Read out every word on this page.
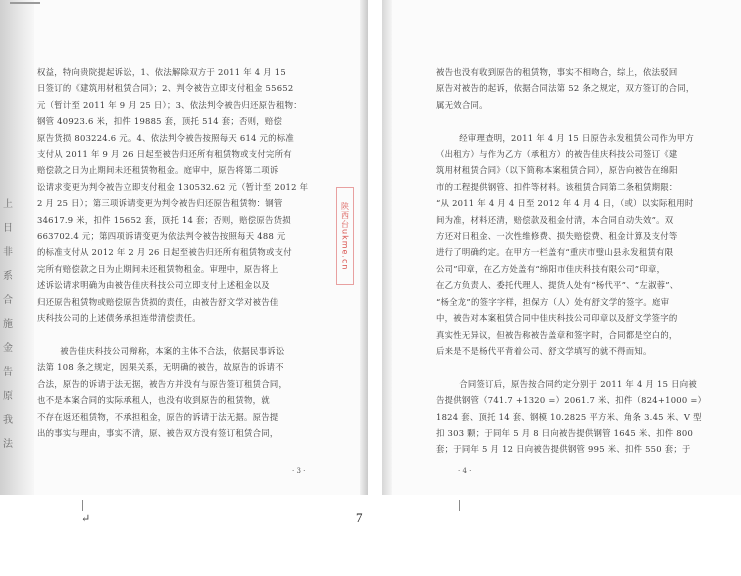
上
日
非
系
合
施
金
告
原
我
法
权益，特向贵院提起诉讼，1、依法解除双方于 2011 年 4 月 15
日签订的《建筑用材租赁合同》；2、判令被告立即支付租金 55652
元（暂计至 2011 年 9 月 25 日）；3、依法判令被告归还原告租物：
钢管 40923.6 米，扣件 19885 套，顶托 514 套；否则，赔偿
原告货损 803224.6 元。4、依法判令被告按照每天 614 元的标准
支付从 2011 年 9 月 26 日起至被告归还所有租赁物或支付完所有
赔偿款之日为止期间未还租赁物租金。庭审中，原告将第二项诉
讼请求变更为判令被告立即支付租金 130532.62 元（暂计至 2012 年
2 月 25 日）；第三项诉请变更为判令被告归还原告租赁物：钢管
34617.9 米，扣件 15652 套，顶托 14 套；否则，赔偿原告货损
663702.4 元；第四项诉请变更为依法判令被告按照每天 488 元
的标准支付从 2012 年 2 月 26 日起至被告归还所有租赁物或支付
完所有赔偿款之日为止期间未还租赁物租金。审理中，原告将上
述诉讼请求明确为由被告佳庆科技公司立即支付上述租金以及
归还原告租赁物或赔偿原告货损的责任，由被告舒文学对被告佳
庆科技公司的上述债务承担连带清偿责任。

被告佳庆科技公司辩称，本案的主体不合法，依据民事诉讼
法第 108 条之规定，因果关系，无明确的被告，故原告的诉请不
合法，原告的诉请于法无据，被告方并没有与原告签订租赁合同，
也不是本案合同的实际承租人，也没有收到原告的租赁物，就
不存在返还租赁物，不承担租金，原告的诉请于法无据。原告提
出的事实与理由，事实不清，原、被告双方没有签订租赁合同，
陕西台ukme.cn
· 3 ·
被告也没有收到原告的租赁物，事实不相吻合，综上，依法驳回
原告对被告的起诉，依据合同法第 52 条之规定，双方签订的合同，
属无效合同。

经审理查明，2011 年 4 月 15 日原告永发租赁公司作为甲方
（出租方）与作为乙方（承租方）的被告佳庆科技公司签订《建
筑用材租赁合同》（以下简称本案租赁合同），原告向被告在绵阳
市的工程提供钢管、扣件等材料。该租赁合同第二条租赁期限：
“从 2011 年 4 月 4 日至 2012 年 4 月 4 日，（或）以实际租用时
间为准，材料还清，赔偿款及租金付清，本合同自动失效”。双
方还对日租金、一次性维修费、损失赔偿费、租金计算及支付等
进行了明确约定。在甲方一栏盖有“重庆市璧山县永发租赁有限
公司”印章，在乙方处盖有“绵阳市佳庆科技有限公司”印章，
在乙方负责人、委托代理人、提货人处有“杨代平”、“左淑蓉”、
“杨全龙”的签字字样，担保方（人）处有舒文学的签字。庭审
中，被告对本案租赁合同中佳庆科技公司印章以及舒文学签字的
真实性无异议，但被告称被告盖章和签字时，合同都是空白的，
后来是不是杨代平背着公司、舒文学填写的就不得而知。

合同签订后，原告按合同约定分别于 2011 年 4 月 15 日向被
告提供钢管（741.7 +1320 =）2061.7 米、扣件（824+1000 =）
1824 套、顶托 14 套、钢模 10.2825 平方米、角条 3.45 米、V 型
扣 303 颗；于同年 5 月 8 日向被告提供钢管 1645 米、扣件 800
套；于同年 5 月 12 日向被告提供钢管 995 米、扣件 550 套；于
· 4 ·
↵	7
